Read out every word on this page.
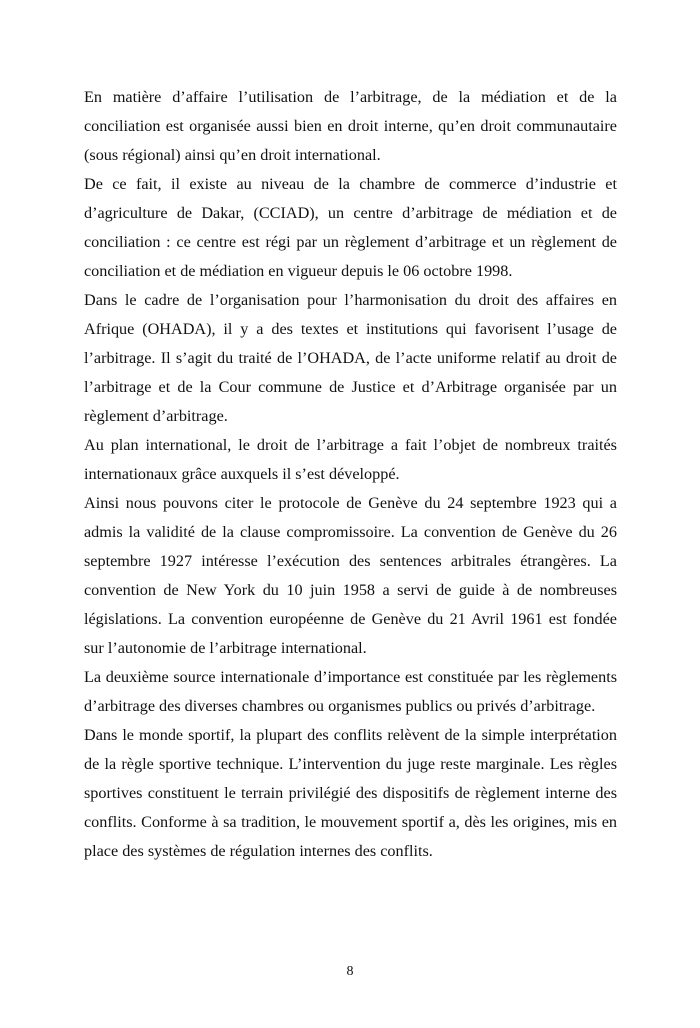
En matière d’affaire l’utilisation de l’arbitrage, de la médiation et de la conciliation est organisée aussi bien en droit interne, qu’en droit communautaire (sous régional) ainsi qu’en droit international.

De ce fait, il existe au niveau de la chambre de commerce d’industrie et d’agriculture de Dakar, (CCIAD), un centre d’arbitrage de médiation et de conciliation : ce centre est régi par un règlement d’arbitrage et un règlement de conciliation et de médiation en vigueur depuis le 06 octobre 1998.

Dans le cadre de l’organisation pour l’harmonisation du droit des affaires en Afrique (OHADA), il y a des textes et institutions qui favorisent l’usage de l’arbitrage. Il s’agit du traité de l’OHADA, de l’acte uniforme relatif au droit de l’arbitrage et de la Cour commune de Justice et d’Arbitrage organisée par un règlement d’arbitrage.

Au plan international, le droit de l’arbitrage a fait l’objet de nombreux traités internationaux grâce auxquels il s’est développé.

Ainsi nous pouvons citer le protocole de Genève du 24 septembre 1923 qui a admis la validité de la clause compromissoire. La convention de Genève du 26 septembre 1927 intéresse l’exécution des sentences arbitrales étrangères. La convention de New York du 10 juin 1958 a servi de guide à de nombreuses législations. La convention européenne de Genève du 21 Avril 1961 est fondée sur l’autonomie de l’arbitrage international.

La deuxième source internationale d’importance est constituée par les règlements d’arbitrage des diverses chambres ou organismes publics ou privés d’arbitrage.

Dans le monde sportif, la plupart des conflits relèvent de la simple interprétation de la règle sportive technique. L’intervention du juge reste marginale. Les règles sportives constituent le terrain privilégié des dispositifs de règlement interne des conflits. Conforme à sa tradition, le mouvement sportif a, dès les origines, mis en place des systèmes de régulation internes des conflits.

8
